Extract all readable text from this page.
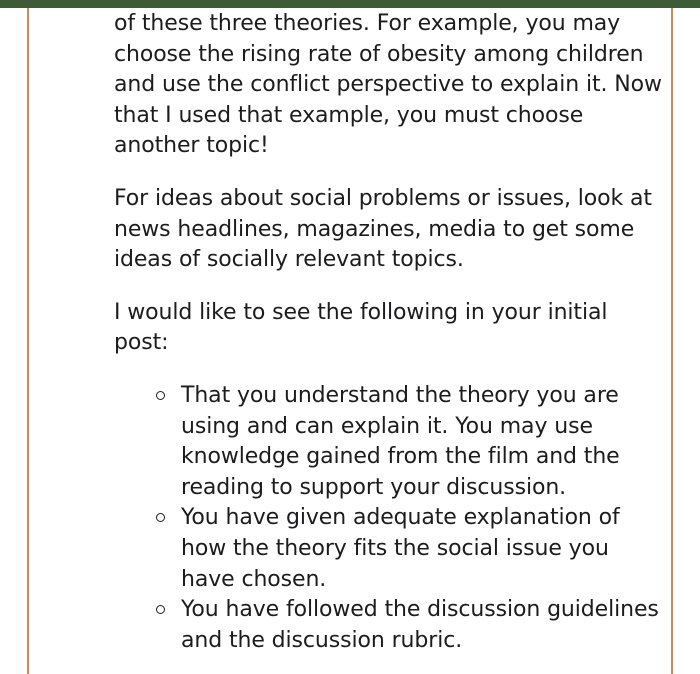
of these three theories. For example, you may choose the rising rate of obesity among children and use the conflict perspective to explain it. Now that I used that example, you must choose another topic!

For ideas about social problems or issues, look at news headlines, magazines, media to get some ideas of socially relevant topics.

I would like to see the following in your initial post:

That you understand the theory you are using and can explain it. You may use knowledge gained from the film and the reading to support your discussion.
You have given adequate explanation of how the theory fits the social issue you have chosen.
You have followed the discussion guidelines and the discussion rubric.
